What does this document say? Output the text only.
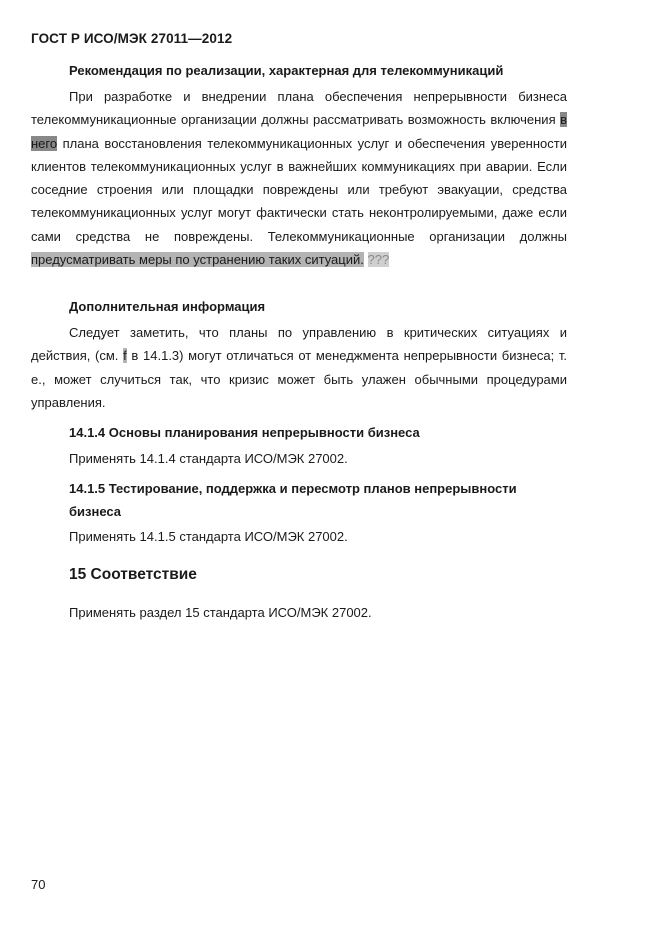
ГОСТ Р ИСО/МЭК 27011—2012
Рекомендация по реализации, характерная для телекоммуникаций
При разработке и внедрении плана обеспечения непрерывности бизнеса телекоммуникационные организации должны рассматривать возможность включения в него плана восстановления телекоммуникационных услуг и обеспечения уверенности клиентов телекоммуникационных услуг в важнейших коммуникациях при аварии. Если соседние строения или площадки повреждены или требуют эвакуации, средства телекоммуникационных услуг могут фактически стать неконтролируемыми, даже если сами средства не повреждены. Телекоммуникационные организации должны предусматривать меры по устранению таких ситуаций. ???
Дополнительная информация
Следует заметить, что планы по управлению в критических ситуациях и действия, (см. f в 14.1.3) могут отличаться от менеджмента непрерывности бизнеса; т. е., может случиться так, что кризис может быть улажен обычными процедурами управления.
14.1.4 Основы планирования непрерывности бизнеса
Применять 14.1.4 стандарта ИСО/МЭК 27002.
14.1.5 Тестирование, поддержка и пересмотр планов непрерывности
бизнеса
Применять 14.1.5 стандарта ИСО/МЭК 27002.
15 Соответствие
Применять раздел 15 стандарта ИСО/МЭК 27002.
70
